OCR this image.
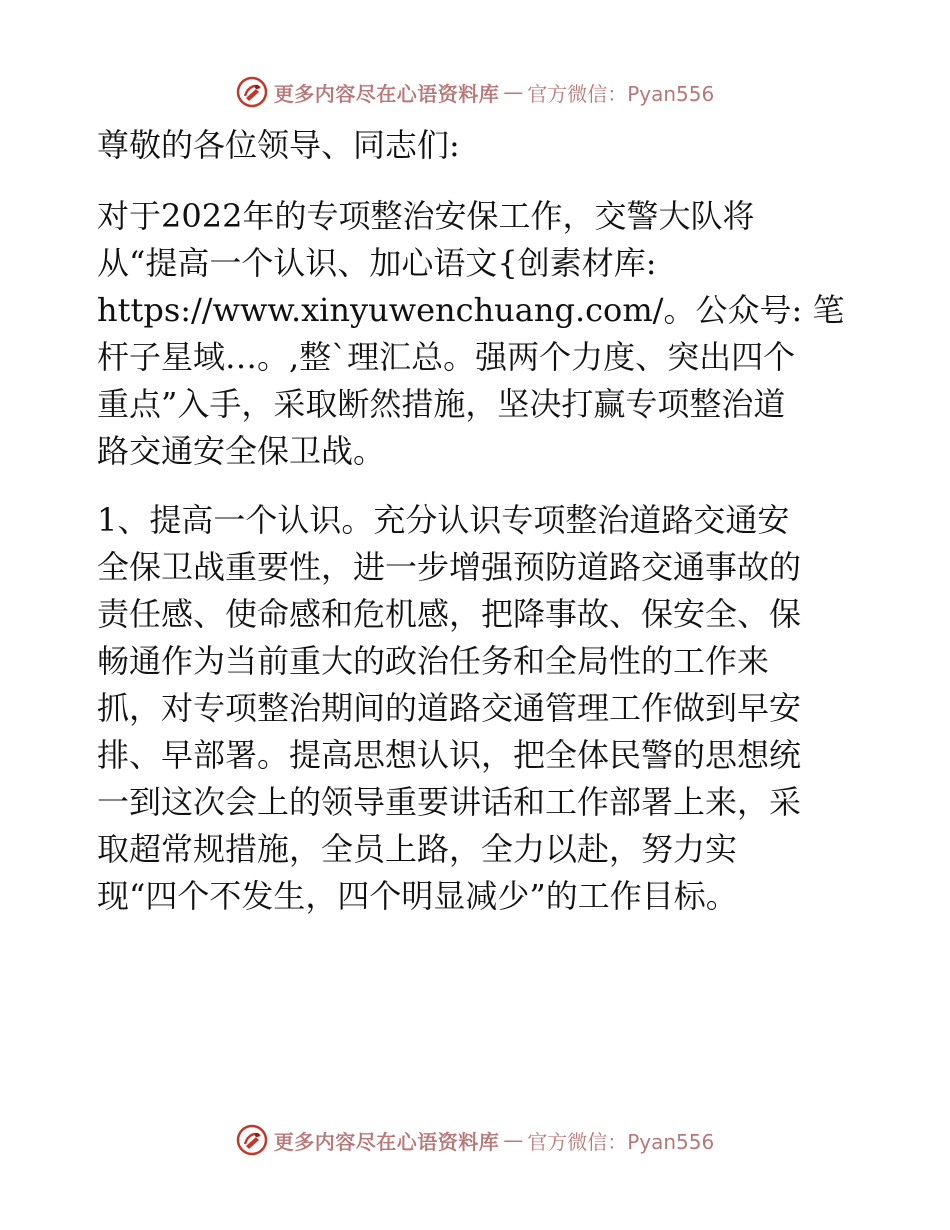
更多内容尽在心语资料库 — 官方微信：Pyan556

尊敬的各位领导、同志们:

对于2022年的专项整治安保工作，交警大队将

从“提高一个认识、加心语文{创素材库:

https://www.xinyuwenchuang.com/。公众号: 笔

杆子星域…。,整`理汇总。强两个力度、突出四个

重点”入手，采取断然措施，坚决打赢专项整治道

路交通安全保卫战。

1、提高一个认识。充分认识专项整治道路交通安

全保卫战重要性，进一步增强预防道路交通事故的

责任感、使命感和危机感，把降事故、保安全、保

畅通作为当前重大的政治任务和全局性的工作来

抓，对专项整治期间的道路交通管理工作做到早安

排、早部署。提高思想认识，把全体民警的思想统

一到这次会上的领导重要讲话和工作部署上来，采

取超常规措施，全员上路，全力以赴，努力实

现“四个不发生，四个明显减少”的工作目标。

更多内容尽在心语资料库 — 官方微信：Pyan556
